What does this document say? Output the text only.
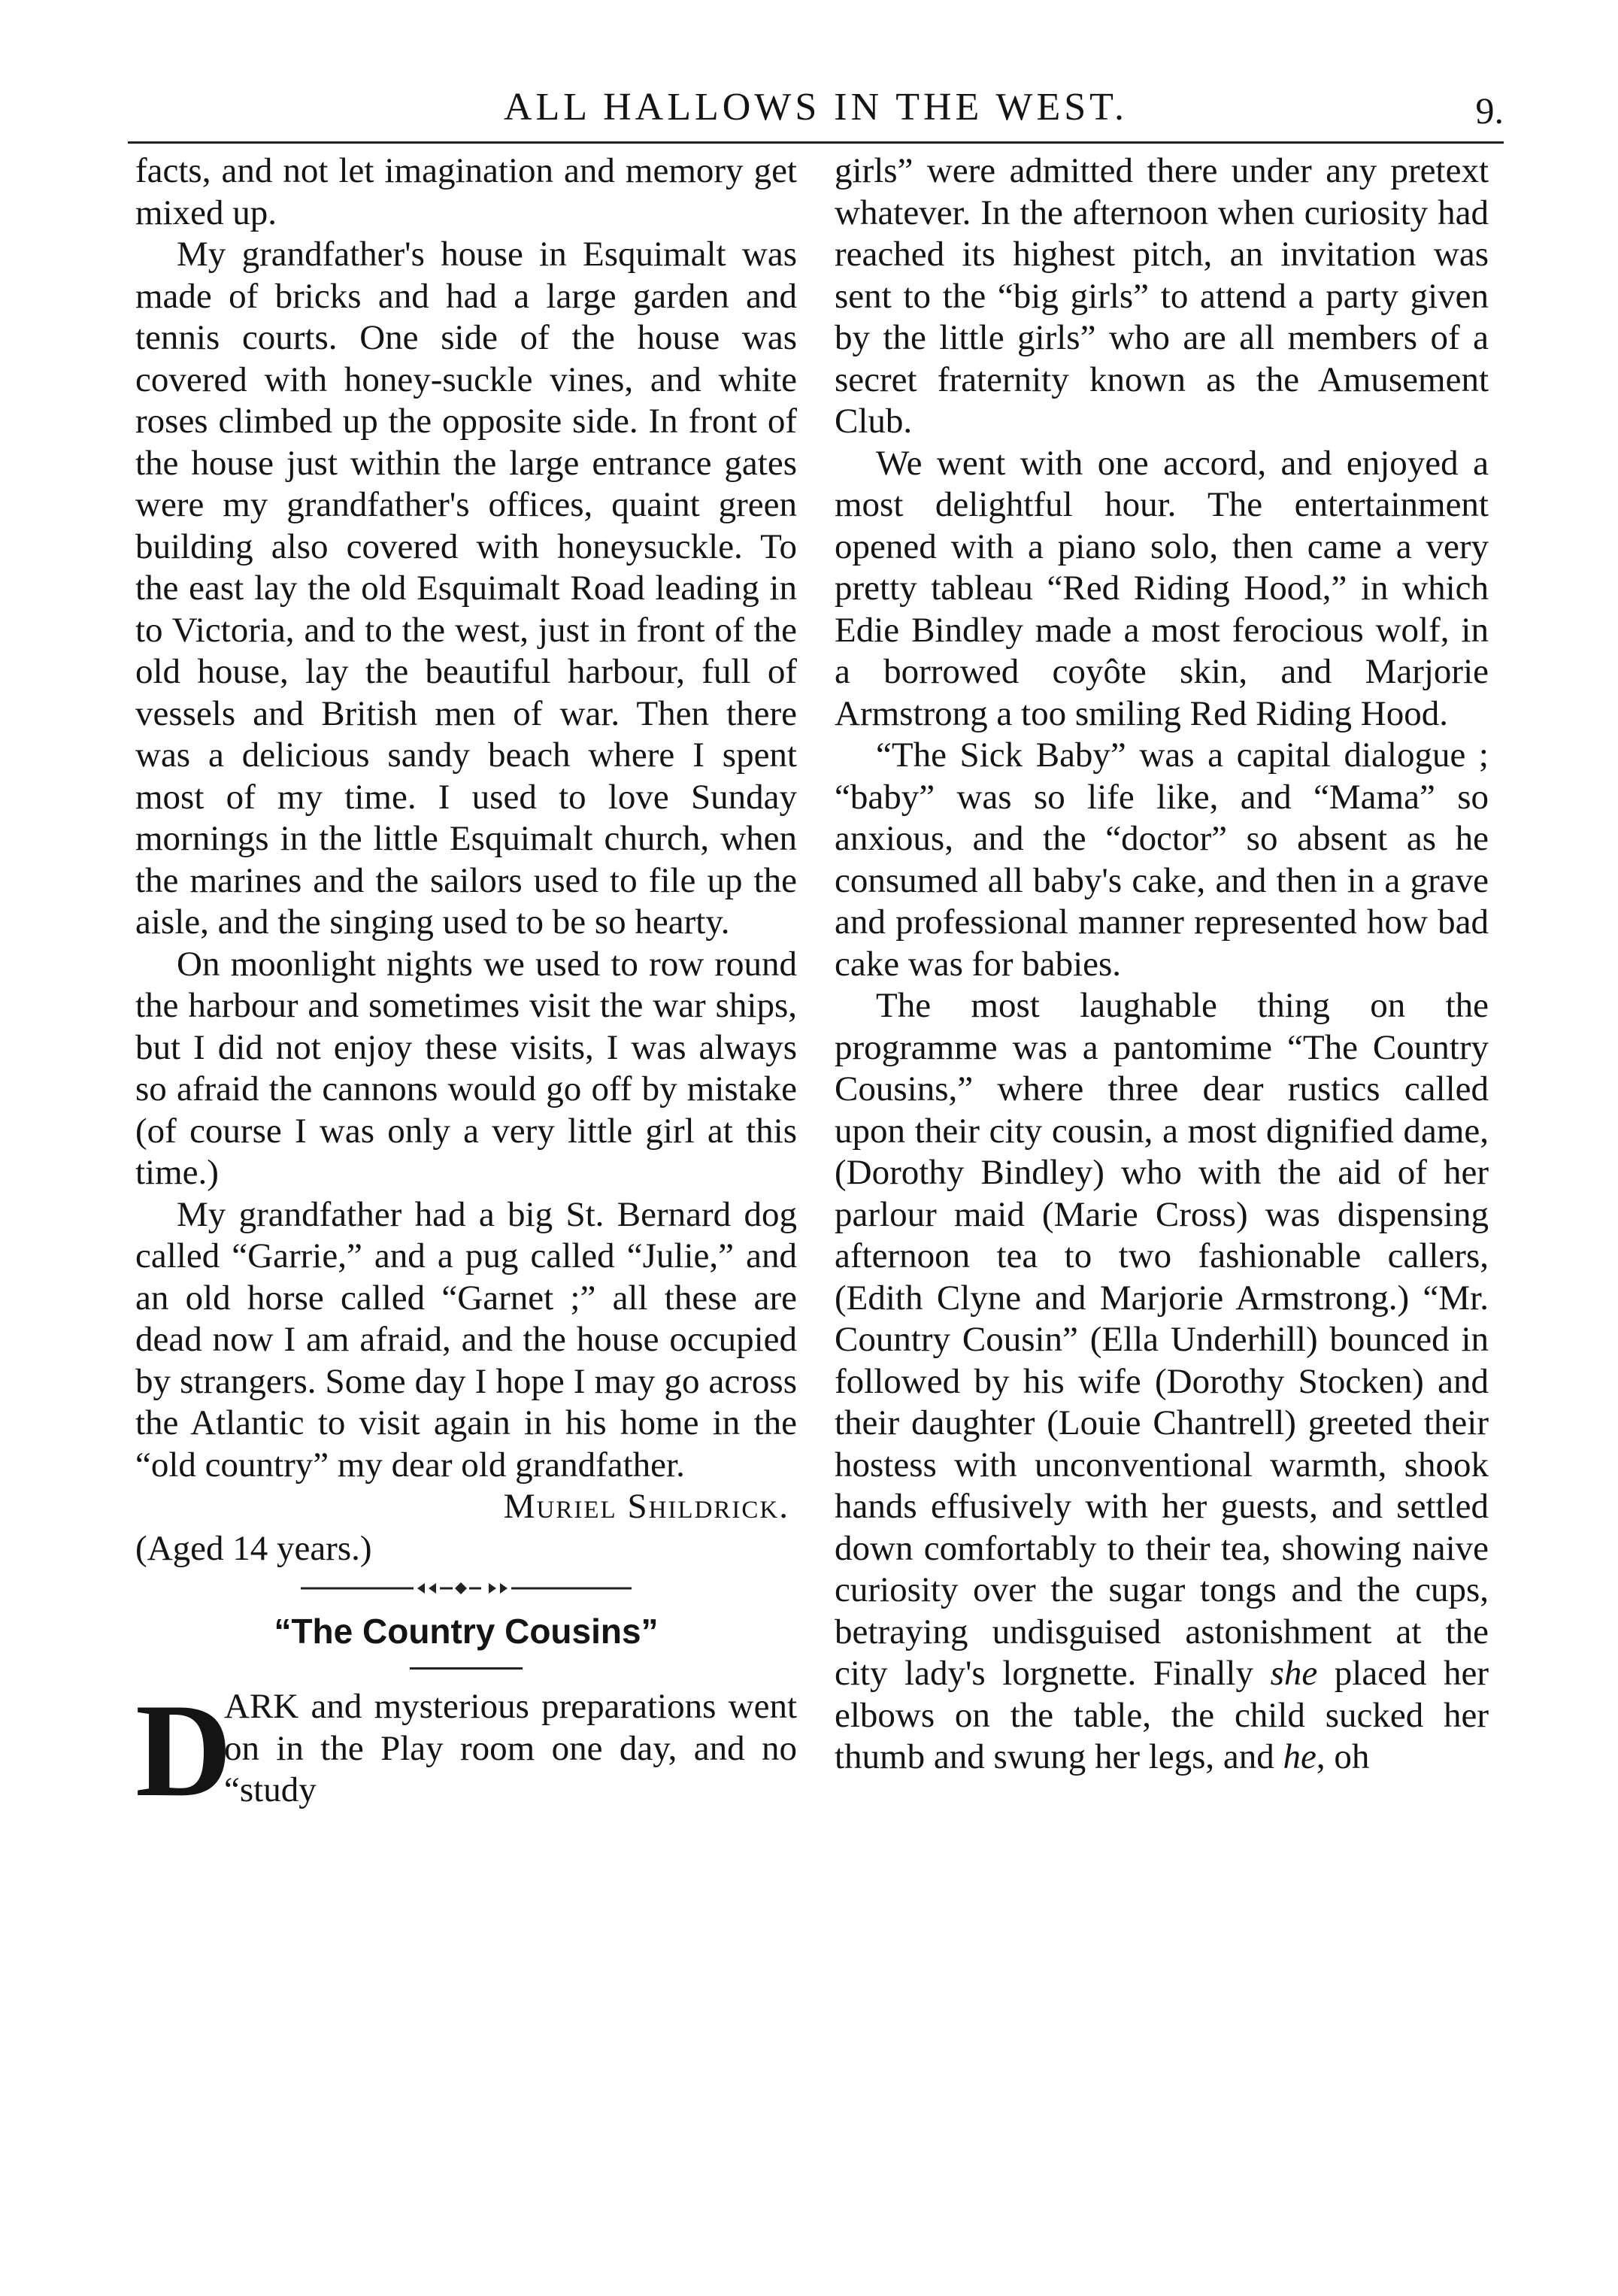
ALL HALLOWS IN THE WEST.	9.

facts, and not let imagination and memory get mixed up.

My grandfather's house in Esquimalt was made of bricks and had a large garden and tennis courts. One side of the house was covered with honey-suckle vines, and white roses climbed up the opposite side. In front of the house just within the large entrance gates were my grandfather's offices, quaint green building also covered with honeysuckle. To the east lay the old Esquimalt Road leading in to Victoria, and to the west, just in front of the old house, lay the beautiful harbour, full of vessels and British men of war. Then there was a delicious sandy beach where I spent most of my time. I used to love Sunday mornings in the little Esquimalt church, when the marines and the sailors used to file up the aisle, and the singing used to be so hearty.

On moonlight nights we used to row round the harbour and sometimes visit the war ships, but I did not enjoy these visits, I was always so afraid the cannons would go off by mistake (of course I was only a very little girl at this time.)

My grandfather had a big St. Bernard dog called “Garrie,” and a pug called “Julie,” and an old horse called “Garnet ;” all these are dead now I am afraid, and the house occupied by strangers. Some day I hope I may go across the Atlantic to visit again in his home in the “old country” my dear old grandfather.

Muriel Shildrick.

(Aged 14 years.)

“The Country Cousins”

D
ARK and mysterious preparations went on in the Play room one day, and no “study

girls” were admitted there under any pretext whatever. In the afternoon when curiosity had reached its highest pitch, an invitation was sent to the “big girls” to attend a party given by the little girls” who are all members of a secret fraternity known as the Amusement Club.

We went with one accord, and enjoyed a most delightful hour. The entertainment opened with a piano solo, then came a very pretty tableau “Red Riding Hood,” in which Edie Bindley made a most ferocious wolf, in a borrowed coyôte skin, and Marjorie Armstrong a too smiling Red Riding Hood.

“The Sick Baby” was a capital dialogue ; “baby” was so life like, and “Mama” so anxious, and the “doctor” so absent as he consumed all baby's cake, and then in a grave and professional manner represented how bad cake was for babies.

The most laughable thing on the programme was a pantomime “The Country Cousins,” where three dear rustics called upon their city cousin, a most dignified dame, (Dorothy Bindley) who with the aid of her parlour maid (Marie Cross) was dispensing afternoon tea to two fashionable callers, (Edith Clyne and Marjorie Armstrong.) “Mr. Country Cousin” (Ella Underhill) bounced in followed by his wife (Dorothy Stocken) and their daughter (Louie Chantrell) greeted their hostess with unconventional warmth, shook hands effusively with her guests, and settled down comfortably to their tea, showing naive curiosity over the sugar tongs and the cups, betraying undisguised astonishment at the city lady's lorgnette. Finally she placed her elbows on the table, the child sucked her thumb and swung her legs, and he, oh
